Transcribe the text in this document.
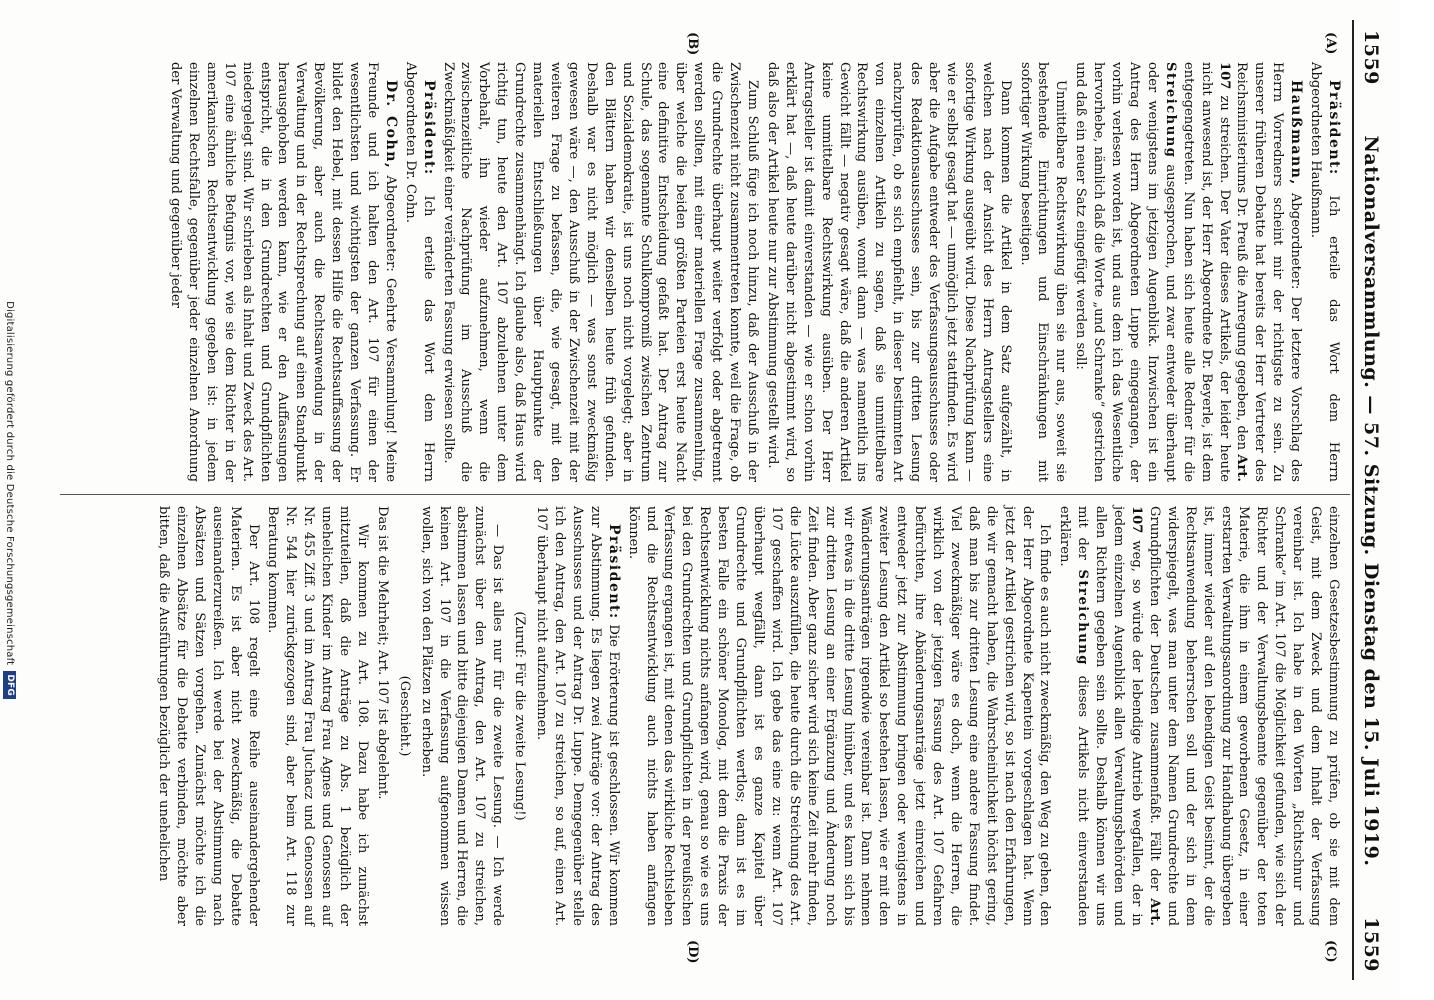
1559
Nationalversammlung. — 57. Sitzung. Dienstag den 15. Juli 1919.
1559
(A)
(B)
(C)
(D)

Präsident: Ich erteile das Wort dem Herrn Abgeordneten Haußmann.

Haußmann, Abgeordneter: Der letztere Vorschlag des Herrn Vorredners scheint mir der richtigste zu sein. Zu unserer früheren Debatte hat bereits der Herr Vertreter des Reichsministeriums Dr. Preuß die Anregung gegeben, den Art. 107 zu streichen. Der Vater dieses Artikels, der leider heute nicht anwesend ist, der Herr Abgeordnete Dr. Beyerle, ist dem entgegengetreten. Nun haben sich heute alle Redner für die Streichung ausgesprochen, und zwar entweder überhaupt oder wenigstens im jetzigen Augenblick. Inzwischen ist ein Antrag des Herrn Abgeordneten Luppe eingegangen, der vorhin verlesen worden ist, und aus dem ich das Wesentliche hervorhebe, nämlich daß die Worte „und Schranke“ gestrichen und daß ein neuer Satz eingefügt werden soll:

Unmittelbare Rechtswirkung üben sie nur aus, soweit sie bestehende Einrichtungen und Einschränkungen mit sofortiger Wirkung beseitigen.

Dann kommen die Artikel in dem Satz aufgezählt, in welchen nach der Ansicht des Herrn Antragstellers eine sofortige Wirkung ausgeübt wird. Diese Nachprüfung kann — wie er selbst gesagt hat — unmöglich jetzt stattfinden. Es wird aber die Aufgabe entweder des Verfassungsausschusses oder des Redaktionsausschusses sein, bis zur dritten Lesung nachzuprüfen, ob es sich empfiehlt, in dieser bestimmten Art von einzelnen Artikeln zu sagen, daß sie unmittelbare Rechtswirkung ausüben, womit dann — was namentlich ins Gewicht fällt — negativ gesagt wäre, daß die anderen Artikel keine unmittelbare Rechtswirkung ausüben. Der Herr Antragsteller ist damit einverstanden — wie er schon vorhin erklärt hat —, daß heute darüber nicht abgestimmt wird, so daß also der Artikel heute nur zur Abstimmung gestellt wird.

Zum Schluß füge ich noch hinzu, daß der Ausschuß in der Zwischenzeit nicht zusammentreten konnte, weil die Frage, ob die Grundrechte überhaupt weiter verfolgt oder abgetrennt werden sollten, mit einer materiellen Frage zusammenhing, über welche die beiden größten Parteien erst heute Nacht eine definitive Entscheidung gefaßt hat. Der Antrag zur Schule, das sogenannte Schulkompromiß zwischen Zentrum und Sozialdemokratie, ist uns noch nicht vorgelegt; aber in den Blättern haben wir denselben heute früh gefunden. Deshalb war es nicht möglich — was sonst zweckmäßig gewesen wäre —, den Ausschuß in der Zwischenzeit mit der weiteren Frage zu befassen, die, wie gesagt, mit den materiellen Entschließungen über Hauptpunkte der Grundrechte zusammenhängt. Ich glaube also, daß Haus wird richtig tun, heute den Art. 107 abzulehnen unter dem Vorbehalt, ihn wieder aufzunehmen, wenn die zwischenzeitliche Nachprüfung im Ausschuß die Zweckmäßigkeit einer veränderten Fassung erwiesen sollte.

Präsident: Ich erteile das Wort dem Herrn Abgeordneten Dr. Cohn.

Dr. Cohn, Abgeordneter: Geehrte Versammlung! Meine Freunde und ich halten den Art. 107 für einen der wesentlichsten und wichtigsten der ganzen Verfassung. Er bildet den Hebel, mit dessen Hilfe die Rechtsauffassung der Bevölkerung, aber auch die Rechtsanwendung in der Verwaltung und in der Rechtsprechung auf einen Standpunkt herausgehoben werden kann, wie er den Auffassungen entspricht, die in den Grundrechten und Grundpflichten niedergelegt sind. Wir schrieben als Inhalt und Zweck des Art. 107 eine ähnliche Befugnis vor, wie sie dem Richter in der amerikanischen Rechtsentwicklung gegeben ist: in jedem einzelnen Rechtsfalle, gegenüber jeder einzelnen Anordnung der Verwaltung und gegenüber jeder

einzelnen Gesetzesbestimmung zu prüfen, ob sie mit dem Geist, mit dem Zweck und dem Inhalt der Verfassung vereinbar ist. Ich habe in den Worten „Richtschnur und Schranke“ im Art. 107 die Möglichkeit gefunden, wie sich der Richter und der Verwaltungsbeamte gegenüber der toten Materie, die ihm in einem geworbenen Gesetz, in einer erstarrten Verwaltungsanordnung zur Handhabung übergeben ist, immer wieder auf den lebendigen Geist besinnt, der die Rechtsanwendung beherrschen soll und der sich in dem widerspiegelt, was man unter dem Namen Grundrechte und Grundpflichten der Deutschen zusammenfaßt. Fällt der Art. 107 weg, so würde der lebendige Antrieb wegfallen, der in jedem einzelnen Augenblick allen Verwaltungsbehörden und allen Richtern gegeben sein sollte. Deshalb können wir uns mit der Streichung dieses Artikels nicht einverstanden erklären.

Ich finde es auch nicht zweckmäßig, den Weg zu gehen, den der Herr Abgeordnete Kapentein vorgeschlagen hat. Wenn jetzt der Artikel gestrichen wird, so ist nach den Erfahrungen, die wir gemacht haben, die Wahrscheinlichkeit höchst gering, daß man bis zur dritten Lesung eine andere Fassung findet. Viel zweckmäßiger wäre es doch, wenn die Herren, die wirklich von der jetzigen Fassung des Art. 107 Gefahren befürchten, ihre Abänderungsanträge jetzt einreichen und entweder jetzt zur Abstimmung bringen oder wenigstens in zweiter Lesung den Artikel so bestehen lassen, wie er mit den Wänderungsanträgen irgendwie vereinbar ist. Dann nehmen wir etwas in die dritte Lesung hinüber, und es kann sich bis zur dritten Lesung an einer Ergänzung und Änderung noch Zeit finden. Aber ganz sicher wird sich keine Zeit mehr finden, die Lücke auszufüllen, die heute durch die Streichung des Art. 107 geschaffen wird. Ich gebe das eine zu: wenn Art. 107 überhaupt wegfällt, dann ist es ganze Kapitel über Grundrechte und Grundpflichten wertlos; dann ist es im besten Falle ein schöner Monolog, mit dem die Praxis der Rechtsentwicklung nichts anfangen wird, genau so wie es uns bei den Grundrechten und Grundpflichten in der preußischen Verfassung ergangen ist, mit denen das wirkliche Rechtsleben und die Rechtsentwicklung auch nichts haben anfangen können.

Präsident: Die Erörterung ist geschlossen. Wir kommen zur Abstimmung. Es liegen zwei Anträge vor: der Antrag des Ausschusses und der Antrag Dr. Luppe. Demgegenüber stelle ich den Antrag, den Art. 107 zu streichen, so auf, einen Art. 107 überhaupt nicht aufzunehmen.

(Zuruf: Für die zweite Lesung!)

— Das ist alles nur für die zweite Lesung. — Ich werde zunächst über den Antrag, den Art. 107 zu streichen, abstimmen lassen und bitte diejenigen Damen und Herren, die keinen Art. 107 in die Verfassung aufgenommen wissen wollen, sich von den Plätzen zu erheben.

(Geschieht.)

Das ist die Mehrheit; Art. 107 ist abgelehnt.

Wir kommen zu Art. 108. Dazu habe ich zunächst mitzuteilen, daß die Anträge zu Abs. 1 bezüglich der unehelichen Kinder im Antrag Frau Agnes und Genossen auf Nr. 455 Ziff. 3 und im Antrag Frau Juchacz und Genossen auf Nr. 544 hier zurückgezogen sind, aber beim Art. 118 zur Beratung kommen.

Der Art. 108 regelt eine Reihe auseinandergehender Materien. Es ist aber nicht zweckmäßig, die Debatte auseinanderzureißen. Ich werde bei der Abstimmung nach Absätzen und Sätzen vorgehen. Zunächst möchte ich die einzelnen Absätze für die Debatte verbinden, möchte aber bitten, daß die Ausführungen bezüglich der unehelichen

Digitalisierung gefördert durch die Deutsche ForschungsgemeinschaftDFG
